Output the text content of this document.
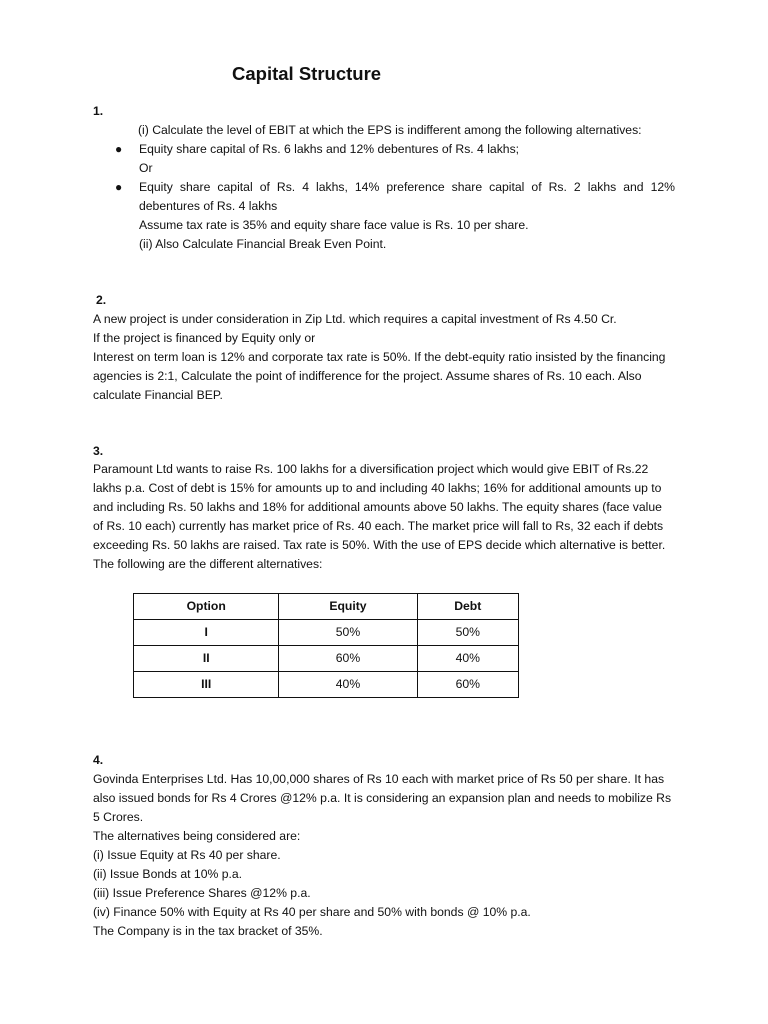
Capital Structure

1.

(i) Calculate the level of EBIT at which the EPS is indifferent among the following alternatives:

● Equity share capital of Rs. 6 lakhs and 12% debentures of Rs. 4 lakhs;

Or

● Equity share capital of Rs. 4 lakhs, 14% preference share capital of Rs. 2 lakhs and 12% debentures of Rs. 4 lakhs

Assume tax rate is 35% and equity share face value is Rs. 10 per share.

(ii) Also Calculate Financial Break Even Point.

2.

A new project is under consideration in Zip Ltd. which requires a capital investment of Rs 4.50 Cr.

If the project is financed by Equity only or

Interest on term loan is 12% and corporate tax rate is 50%. If the debt-equity ratio insisted by the financing agencies is 2:1, Calculate the point of indifference for the project. Assume shares of Rs. 10 each. Also calculate Financial BEP.

3.

Paramount Ltd wants to raise Rs. 100 lakhs for a diversification project which would give EBIT of Rs.22 lakhs p.a. Cost of debt is 15% for amounts up to and including 40 lakhs; 16% for additional amounts up to and including Rs. 50 lakhs and 18% for additional amounts above 50 lakhs. The equity shares (face value of Rs. 10 each) currently has market price of Rs. 40 each. The market price will fall to Rs, 32 each if debts exceeding Rs. 50 lakhs are raised. Tax rate is 50%. With the use of EPS decide which alternative is better. The following are the different alternatives:

Option	Equity	Debt
I	50%	50%
II	60%	40%
III	40%	60%

4.

Govinda Enterprises Ltd. Has 10,00,000 shares of Rs 10 each with market price of Rs 50 per share. It has also issued bonds for Rs 4 Crores @12% p.a. It is considering an expansion plan and needs to mobilize Rs 5 Crores.

The alternatives being considered are:

(i) Issue Equity at Rs 40 per share.

(ii) Issue Bonds at 10% p.a.

(iii) Issue Preference Shares @12% p.a.

(iv) Finance 50% with Equity at Rs 40 per share and 50% with bonds @ 10% p.a.

The Company is in the tax bracket of 35%.
